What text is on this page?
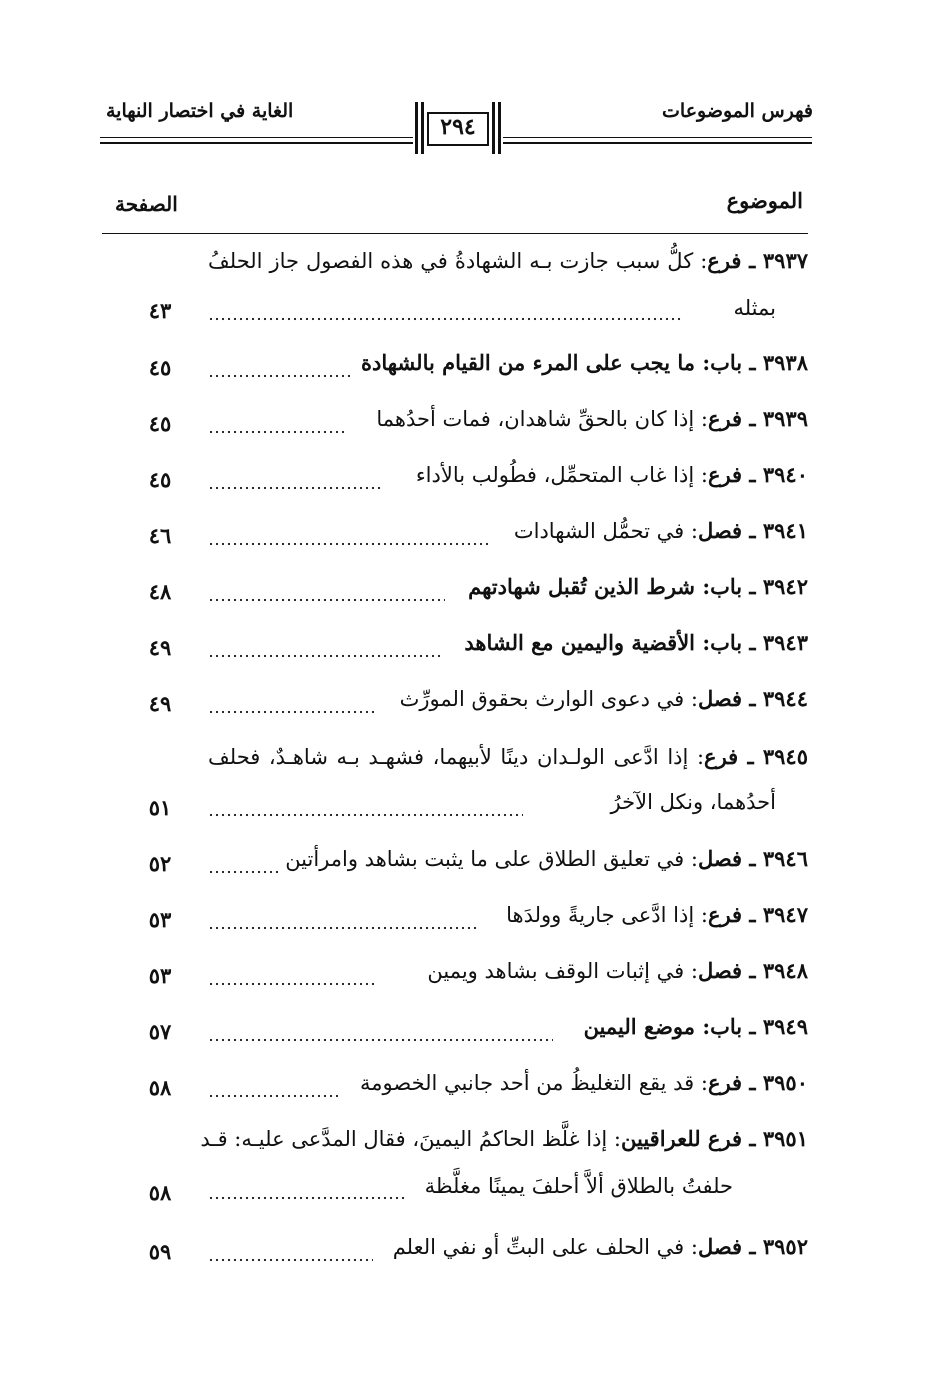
فهرس الموضوعات
الغاية في اختصار النهاية
٢٩٤
الموضوع
الصفحة
٣٩٣٧ ـ فرع: كلُّ سبب جازت بـه الشهادةُ في هذه الفصول جاز الحلفُ
بمثله
٤٣
٣٩٣٨ ـ باب: ما يجب على المرء من القيام بالشهادة
٤٥
٣٩٣٩ ـ فرع: إذا كان بالحقِّ شاهدان، فمات أحدُهما
٤٥
٣٩٤٠ ـ فرع: إذا غاب المتحمِّل، فطُولب بالأداء
٤٥
٣٩٤١ ـ فصل: في تحمُّل الشهادات
٤٦
٣٩٤٢ ـ باب: شرط الذين تُقبل شهادتهم
٤٨
٣٩٤٣ ـ باب: الأقضية واليمين مع الشاهد
٤٩
٣٩٤٤ ـ فصل: في دعوى الوارث بحقوق المورِّث
٤٩
٣٩٤٥ ـ فرع: إذا ادَّعى الولـدان دينًا لأبيهما، فشهـد بـه شاهـدٌ، فحلف
أحدُهما، ونكل الآخرُ
٥١
٣٩٤٦ ـ فصل: في تعليق الطلاق على ما يثبت بشاهد وامرأتين
٥٢
٣٩٤٧ ـ فرع: إذا ادَّعى جاريةً وولدَها
٥٣
٣٩٤٨ ـ فصل: في إثبات الوقف بشاهد ويمين
٥٣
٣٩٤٩ ـ باب: موضع اليمين
٥٧
٣٩٥٠ ـ فرع: قد يقع التغليظُ من أحد جانبي الخصومة
٥٨
٣٩٥١ ـ فرع للعراقيين: إذا غلَّظ الحاكمُ اليمينَ، فقال المدَّعى عليـه: قـد
حلفتُ بالطلاق ألاَّ أحلفَ يمينًا مغلَّظة
٥٨
٣٩٥٢ ـ فصل: في الحلف على البتِّ أو نفي العلم
٥٩
